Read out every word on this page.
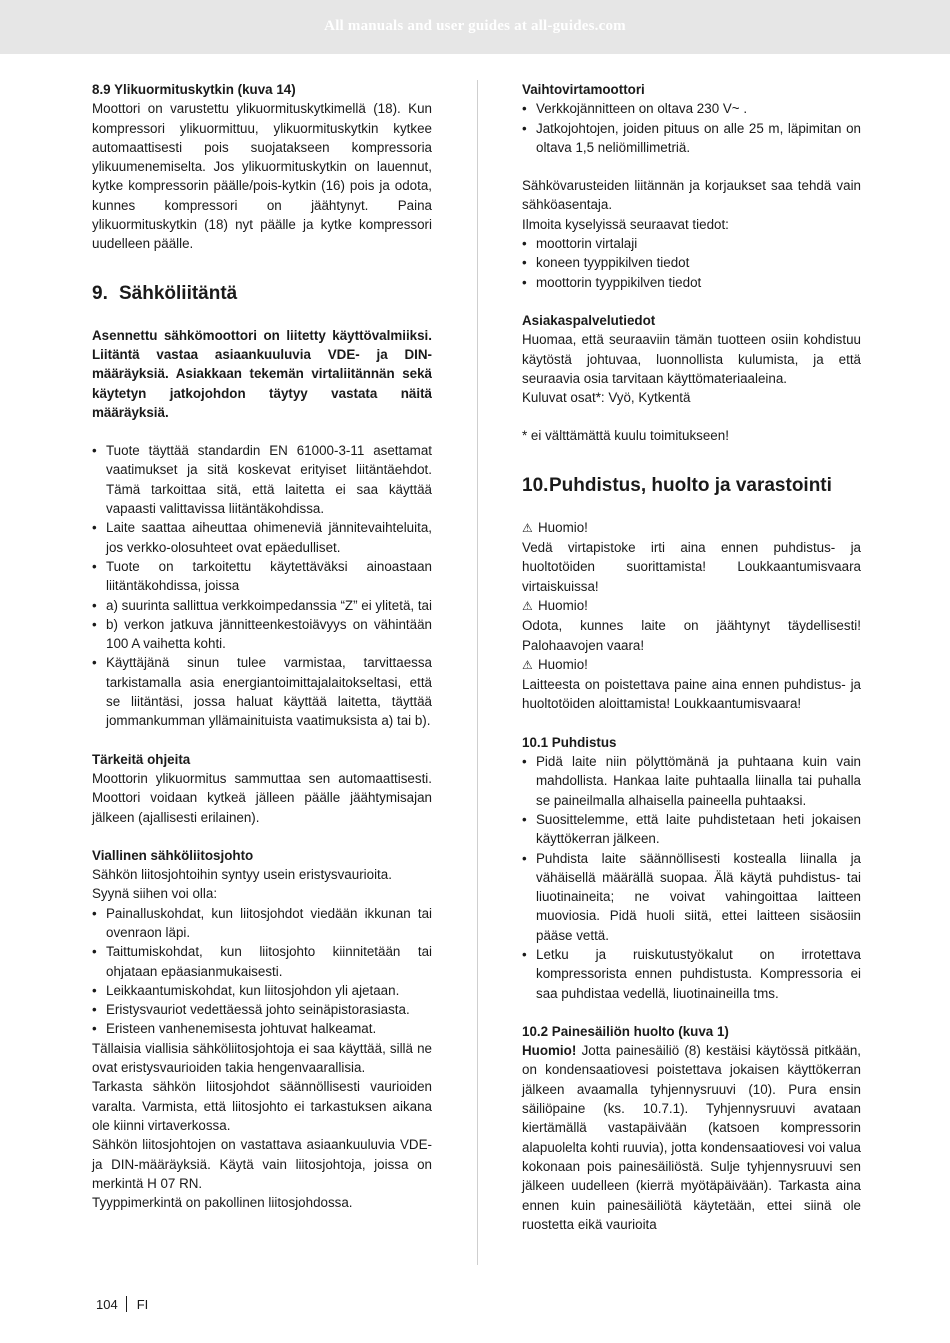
All manuals and user guides at all-guides.com

8.9 Ylikuormituskytkin (kuva 14)

Moottori on varustettu ylikuormituskytkimellä (18). Kun kompressori ylikuormittuu, ylikuormituskytkin kytkee automaattisesti pois suojatakseen kompressoria ylikuumenemiselta. Jos ylikuormituskytkin on lauennut, kytke kompressorin päälle/pois-kytkin (16) pois ja odota, kunnes kompressori on jäähtynyt. Paina ylikuormituskytkin (18) nyt päälle ja kytke kompressori uudelleen päälle.

9. Sähköliitäntä

Asennettu sähkömoottori on liitetty käyttövalmiiksi. Liitäntä vastaa asiaankuuluvia VDE- ja DIN-määräyksiä. Asiakkaan tekemän virtaliitännän sekä käytetyn jatkojohdon täytyy vastata näitä määräyksiä.

• Tuote täyttää standardin EN 61000-3-11 asettamat vaatimukset ja sitä koskevat erityiset liitäntäehdot. Tämä tarkoittaa sitä, että laitetta ei saa käyttää vapaasti valittavissa liitäntäkohdissa.
• Laite saattaa aiheuttaa ohimeneviä jännitevaihteluita, jos verkko-olosuhteet ovat epäedulliset.
• Tuote on tarkoitettu käytettäväksi ainoastaan liitäntäkohdissa, joissa
• a) suurinta sallittua verkkoimpedanssia “Z” ei ylitetä, tai
• b) verkon jatkuva jännitteenkestoiävyys on vähintään 100 A vaihetta kohti.
• Käyttäjänä sinun tulee varmistaa, tarvittaessa tarkistamalla asia energiantoimittajalaitokseltasi, että se liitäntäsi, jossa haluat käyttää laitetta, täyttää jommankumman yllämainituista vaatimuksista a) tai b).

Tärkeitä ohjeita

Moottorin ylikuormitus sammuttaa sen automaattisesti. Moottori voidaan kytkeä jälleen päälle jäähtymisajan jälkeen (ajallisesti erilainen).

Viallinen sähköliitosjohto

Sähkön liitosjohtoihin syntyy usein eristysvaurioita.

Syynä siihen voi olla:

• Painalluskohdat, kun liitosjohdot viedään ikkunan tai ovenraon läpi.
• Taittumiskohdat, kun liitosjohto kiinnitetään tai ohjataan epäasianmukaisesti.
• Leikkaantumiskohdat, kun liitosjohdon yli ajetaan.
• Eristysvauriot vedettäessä johto seinäpistorasiasta.
• Eristeen vanhenemisesta johtuvat halkeamat.

Tällaisia viallisia sähköliitosjohtoja ei saa käyttää, sillä ne ovat eristysvaurioiden takia hengenvaarallisia.

Tarkasta sähkön liitosjohdot säännöllisesti vaurioiden varalta. Varmista, että liitosjohto ei tarkastuksen aikana ole kiinni virtaverkossa.

Sähkön liitosjohtojen on vastattava asiaankuuluvia VDE- ja DIN-määräyksiä. Käytä vain liitosjohtoja, joissa on merkintä H 07 RN.

Tyyppimerkintä on pakollinen liitosjohdossa.

Vaihtovirtamoottori

• Verkkojännitteen on oltava 230 V~ .
• Jatkojohtojen, joiden pituus on alle 25 m, läpimitan on oltava 1,5 neliömillimetriä.

Sähkövarusteiden liitännän ja korjaukset saa tehdä vain sähköasentaja.

Ilmoita kyselyissä seuraavat tiedot:

• moottorin virtalaji
• koneen tyyppikilven tiedot
• moottorin tyyppikilven tiedot

Asiakaspalvelutiedot

Huomaa, että seuraaviin tämän tuotteen osiin kohdistuu käytöstä johtuvaa, luonnollista kulumista, ja että seuraavia osia tarvitaan käyttömateriaaleina.

Kuluvat osat*: Vyö, Kytkentä

* ei välttämättä kuulu toimitukseen!

10. Puhdistus, huolto ja varastointi

⚠ Huomio!

Vedä virtapistoke irti aina ennen puhdistus- ja huoltotöiden suorittamista! Loukkaantumisvaara virtaiskuissa!

⚠ Huomio!

Odota, kunnes laite on jäähtynyt täydellisesti! Palohaavojen vaara!

⚠ Huomio!

Laitteesta on poistettava paine aina ennen puhdistus- ja huoltotöiden aloittamista! Loukkaantumisvaara!

10.1 Puhdistus

• Pidä laite niin pölyttömänä ja puhtaana kuin vain mahdollista. Hankaa laite puhtaalla liinalla tai puhalla se paineilmalla alhaisella paineella puhtaaksi.
• Suosittelemme, että laite puhdistetaan heti jokaisen käyttökerran jälkeen.
• Puhdista laite säännöllisesti kostealla liinalla ja vähäisellä määrällä suopaa. Älä käytä puhdistus- tai liuotinaineita; ne voivat vahingoittaa laitteen muoviosia. Pidä huoli siitä, ettei laitteen sisäosiin pääse vettä.
• Letku ja ruiskutustyökalut on irrotettava kompressorista ennen puhdistusta. Kompressoria ei saa puhdistaa vedellä, liuotinaineilla tms.

10.2 Painesäiliön huolto (kuva 1)

Huomio! Jotta painesäiliö (8) kestäisi käytössä pitkään, on kondensaatiovesi poistettava jokaisen käyttökerran jälkeen avaamalla tyhjennysruuvi (10). Pura ensin säiliöpaine (ks. 10.7.1). Tyhjennysruuvi avataan kiertämällä vastapäivään (katsoen kompressorin alapuolelta kohti ruuvia), jotta kondensaatiovesi voi valua kokonaan pois painesäiliöstä. Sulje tyhjennysruuvi sen jälkeen uudelleen (kierrä myötäpäivään). Tarkasta aina ennen kuin painesäiliötä käytetään, ettei siinä ole ruostetta eikä vaurioita

104 FI
